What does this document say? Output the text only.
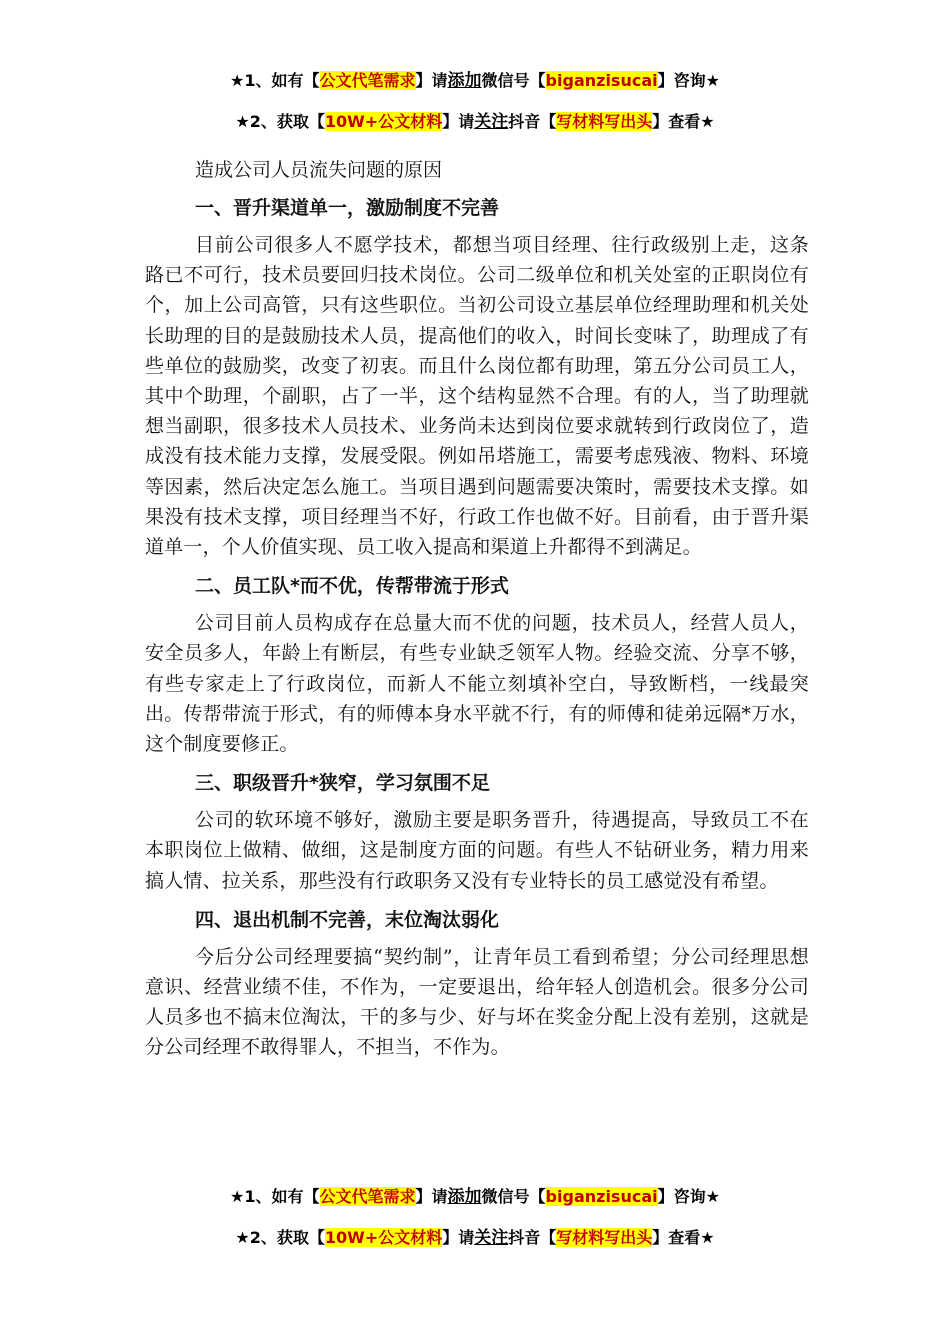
★1、如有【公文代笔需求】请添加微信号【biganzisucai】咨询★
★2、获取【10W+公文材料】请关注抖音【写材料写出头】查看★
造成公司人员流失问题的原因
一、晋升渠道单一，激励制度不完善

目前公司很多人不愿学技术，都想当项目经理、往行政级别上走，这条路已不可行，技术员要回归技术岗位。公司二级单位和机关处室的正职岗位有个，加上公司高管，只有这些职位。当初公司设立基层单位经理助理和机关处长助理的目的是鼓励技术人员，提高他们的收入，时间长变味了，助理成了有些单位的鼓励奖，改变了初衷。而且什么岗位都有助理，第五分公司员工人，其中个助理，个副职，占了一半，这个结构显然不合理。有的人，当了助理就想当副职，很多技术人员技术、业务尚未达到岗位要求就转到行政岗位了，造成没有技术能力支撑，发展受限。例如吊塔施工，需要考虑残液、物料、环境等因素，然后决定怎么施工。当项目遇到问题需要决策时，需要技术支撑。如果没有技术支撑，项目经理当不好，行政工作也做不好。目前看，由于晋升渠道单一，个人价值实现、员工收入提高和渠道上升都得不到满足。

二、员工队*而不优，传帮带流于形式

公司目前人员构成存在总量大而不优的问题，技术员人，经营人员人，安全员多人，年龄上有断层，有些专业缺乏领军人物。经验交流、分享不够，有些专家走上了行政岗位，而新人不能立刻填补空白，导致断档，一线最突出。传帮带流于形式，有的师傅本身水平就不行，有的师傅和徒弟远隔*万水，这个制度要修正。

三、职级晋升*狭窄，学习氛围不足

公司的软环境不够好，激励主要是职务晋升，待遇提高，导致员工不在本职岗位上做精、做细，这是制度方面的问题。有些人不钻研业务，精力用来搞人情、拉关系，那些没有行政职务又没有专业特长的员工感觉没有希望。

四、退出机制不完善，末位淘汰弱化

今后分公司经理要搞“契约制”，让青年员工看到希望；分公司经理思想意识、经营业绩不佳，不作为，一定要退出，给年轻人创造机会。很多分公司人员多也不搞末位淘汰，干的多与少、好与坏在奖金分配上没有差别，这就是分公司经理不敢得罪人，不担当，不作为。

★1、如有【公文代笔需求】请添加微信号【biganzisucai】咨询★
★2、获取【10W+公文材料】请关注抖音【写材料写出头】查看★
